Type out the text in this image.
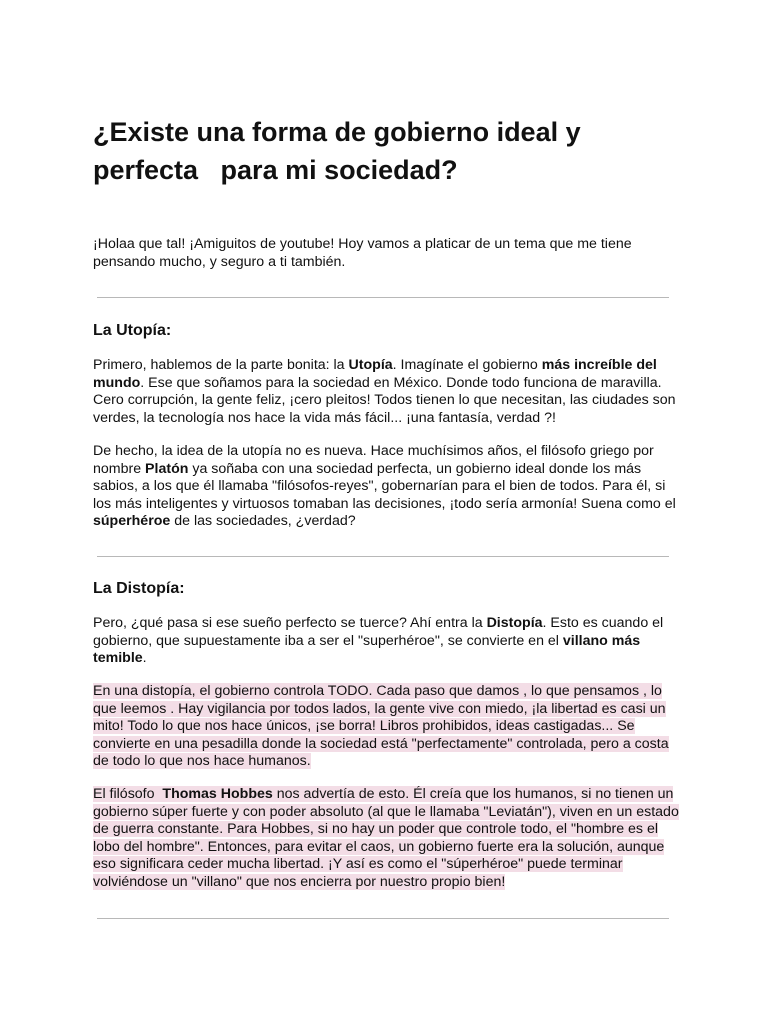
¿Existe una forma de gobierno ideal y
perfecta   para mi sociedad?

¡Holaa que tal! ¡Amiguitos de youtube! Hoy vamos a platicar de un tema que me tiene pensando mucho, y seguro a ti también.

La Utopía:

Primero, hablemos de la parte bonita: la Utopía. Imagínate el gobierno más increíble del mundo. Ese que soñamos para la sociedad en México. Donde todo funciona de maravilla. Cero corrupción, la gente feliz, ¡cero pleitos! Todos tienen lo que necesitan, las ciudades son verdes, la tecnología nos hace la vida más fácil... ¡una fantasía, verdad ?!

De hecho, la idea de la utopía no es nueva. Hace muchísimos años, el filósofo griego por nombre Platón ya soñaba con una sociedad perfecta, un gobierno ideal donde los más sabios, a los que él llamaba "filósofos-reyes", gobernarían para el bien de todos. Para él, si los más inteligentes y virtuosos tomaban las decisiones, ¡todo sería armonía! Suena como el súperhéroe de las sociedades, ¿verdad?

La Distopía:

Pero, ¿qué pasa si ese sueño perfecto se tuerce? Ahí entra la Distopía. Esto es cuando el gobierno, que supuestamente iba a ser el "superhéroe", se convierte en el villano más temible.

En una distopía, el gobierno controla TODO. Cada paso que damos , lo que pensamos , lo que leemos . Hay vigilancia por todos lados, la gente vive con miedo, ¡la libertad es casi un mito! Todo lo que nos hace únicos, ¡se borra! Libros prohibidos, ideas castigadas... Se convierte en una pesadilla donde la sociedad está "perfectamente" controlada, pero a costa de todo lo que nos hace humanos.

El filósofo  Thomas Hobbes nos advertía de esto. Él creía que los humanos, si no tienen un gobierno súper fuerte y con poder absoluto (al que le llamaba "Leviatán"), viven en un estado de guerra constante. Para Hobbes, si no hay un poder que controle todo, el "hombre es el lobo del hombre". Entonces, para evitar el caos, un gobierno fuerte era la solución, aunque eso significara ceder mucha libertad. ¡Y así es como el "súperhéroe" puede terminar volviéndose un "villano" que nos encierra por nuestro propio bien!
